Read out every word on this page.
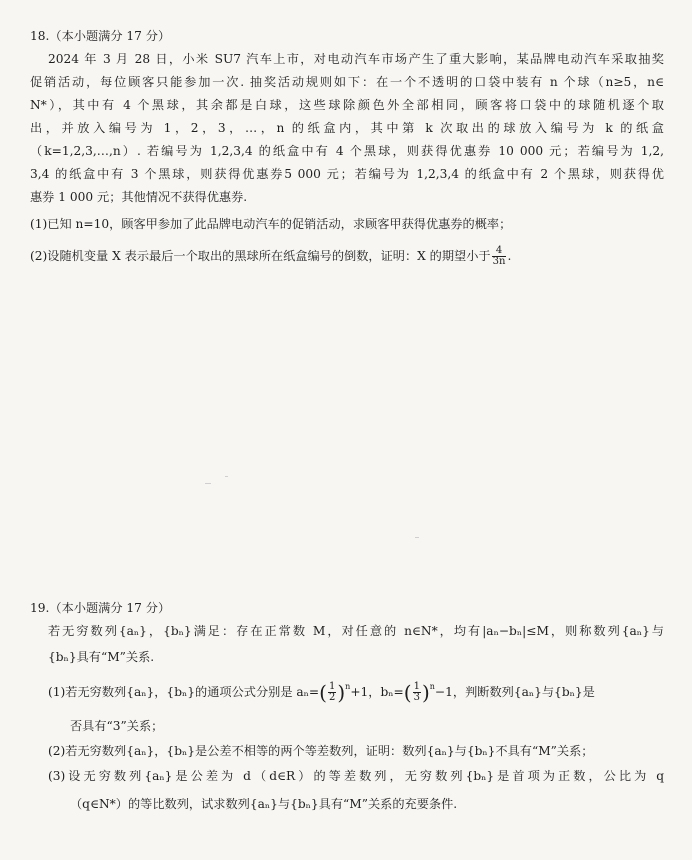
18.（本小题满分 17 分）
2024 年 3 月 28 日，小米 SU7 汽车上市，对电动汽车市场产生了重大影响，某品牌电动汽车采取抽奖
促销活动，每位顾客只能参加一次. 抽奖活动规则如下：在一个不透明的口袋中装有 n 个球（n≥5，n∈
N*），其中有 4 个黑球，其余都是白球，这些球除颜色外全部相同，顾客将口袋中的球随机逐个取
出，并放入编号为 1，2，3，…，n 的纸盒内，其中第 k 次取出的球放入编号为 k 的纸盒
（k=1,2,3,…,n）. 若编号为 1,2,3,4 的纸盒中有 4 个黑球，则获得优惠券 10 000 元；若编号为 1,2,
3,4 的纸盒中有 3 个黑球，则获得优惠券5 000 元；若编号为 1,2,3,4 的纸盒中有 2 个黑球，则获得优
惠券 1 000 元；其他情况不获得优惠券.
(1)已知 n=10，顾客甲参加了此品牌电动汽车的促销活动，求顾客甲获得优惠券的概率；
(2)设随机变量 X 表示最后一个取出的黑球所在纸盒编号的倒数，证明：X 的期望小于 $\frac{4}{3n}$ .
19.（本小题满分 17 分）
若无穷数列{aₙ}，{bₙ}满足：存在正常数 M，对任意的 n∈N*，均有|aₙ−bₙ|≤M，则称数列{aₙ}与
{bₙ}具有“M”关系.
(1)若无穷数列{aₙ}，{bₙ}的通项公式分别是 $a_n=( \frac{1}{2} )^n+1$，$b_n=( \frac{1}{3} )^n-1$，判断数列{aₙ}与{bₙ}是
否具有“3”关系；
(2)若无穷数列{aₙ}，{bₙ}是公差不相等的两个等差数列，证明：数列{aₙ}与{bₙ}不具有“M”关系；
(3)设无穷数列{aₙ}是公差为 d（d∈R）的等差数列，无穷数列{bₙ}是首项为正数，公比为 q
（q∈N*）的等比数列，试求数列{aₙ}与{bₙ}具有“M”关系的充要条件.
